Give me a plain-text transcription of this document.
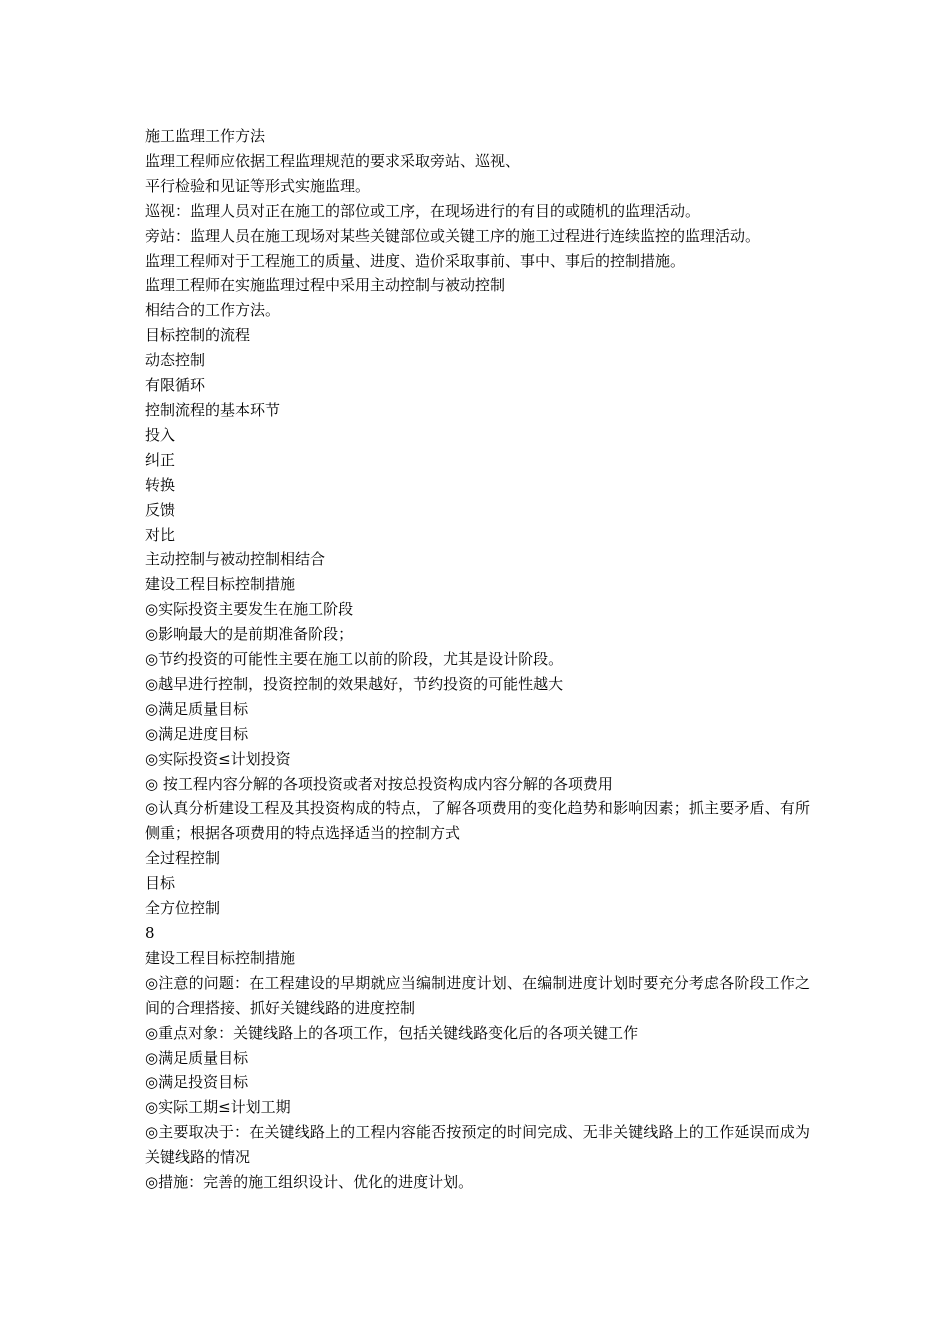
施工监理工作方法
监理工程师应依据工程监理规范的要求采取旁站、巡视、
平行检验和见证等形式实施监理。
巡视：监理人员对正在施工的部位或工序，在现场进行的有目的或随机的监理活动。
旁站：监理人员在施工现场对某些关键部位或关键工序的施工过程进行连续监控的监理活动。
监理工程师对于工程施工的质量、进度、造价采取事前、事中、事后的控制措施。
监理工程师在实施监理过程中采用主动控制与被动控制
相结合的工作方法。
目标控制的流程
动态控制
有限循环
控制流程的基本环节
投入
纠正
转换
反馈
对比
主动控制与被动控制相结合
建设工程目标控制措施
◎实际投资主要发生在施工阶段
◎影响最大的是前期准备阶段；
◎节约投资的可能性主要在施工以前的阶段，尤其是设计阶段。
◎越早进行控制，投资控制的效果越好，节约投资的可能性越大
◎满足质量目标
◎满足进度目标
◎实际投资≤计划投资
◎ 按工程内容分解的各项投资或者对按总投资构成内容分解的各项费用
◎认真分析建设工程及其投资构成的特点，了解各项费用的变化趋势和影响因素；抓主要矛盾、有所侧重；根据各项费用的特点选择适当的控制方式
全过程控制
目标
全方位控制
8
建设工程目标控制措施
◎注意的问题：在工程建设的早期就应当编制进度计划、在编制进度计划时要充分考虑各阶段工作之间的合理搭接、抓好关键线路的进度控制
◎重点对象：关键线路上的各项工作，包括关键线路变化后的各项关键工作
◎满足质量目标
◎满足投资目标
◎实际工期≤计划工期
◎主要取决于：在关键线路上的工程内容能否按预定的时间完成、无非关键线路上的工作延误而成为关键线路的情况
◎措施：完善的施工组织设计、优化的进度计划。
